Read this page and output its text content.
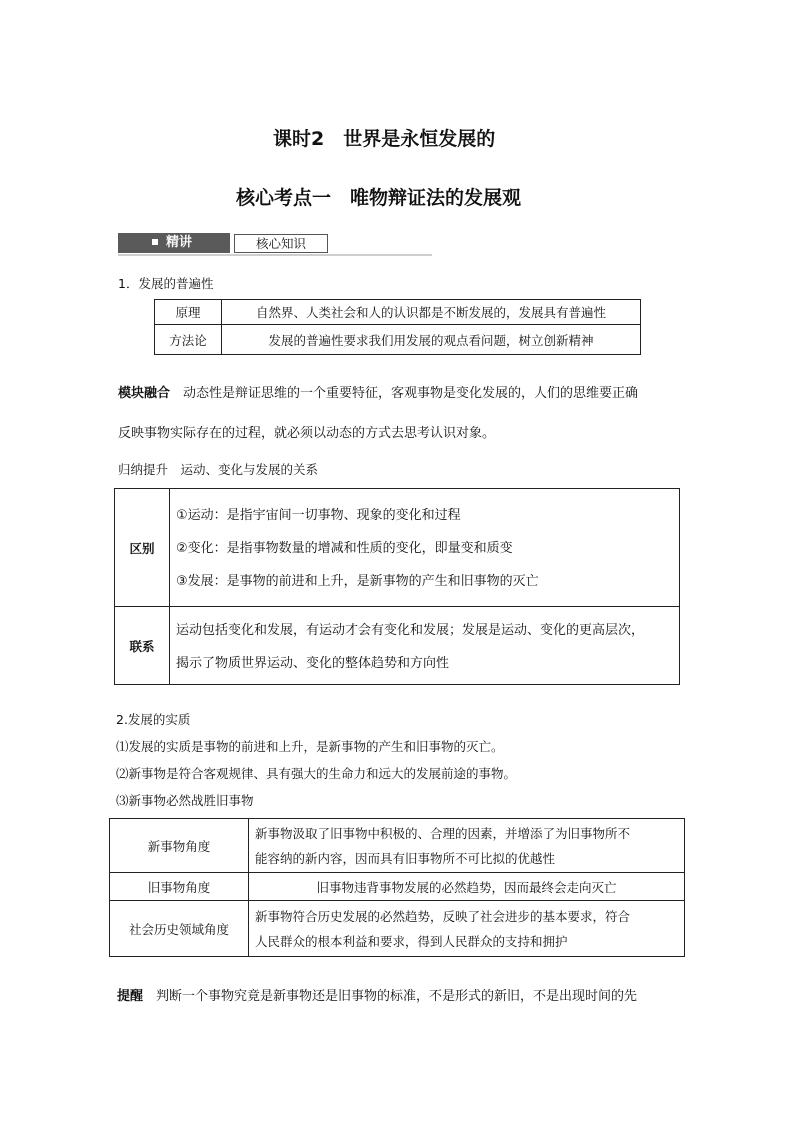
课时2　世界是永恒发展的
核心考点一　唯物辩证法的发展观
精讲	核心知识
1．发展的普遍性
原理	自然界、人类社会和人的认识都是不断发展的，发展具有普遍性
方法论	发展的普遍性要求我们用发展的观点看问题，树立创新精神
模块融合　 动态性是辩证思维的一个重要特征，客观事物是变化发展的，人们的思维要正确
反映事物实际存在的过程，就必须以动态的方式去思考认识对象。
归纳提升　 运动、变化与发展的关系
区别	①运动：是指宇宙间一切事物、现象的变化和过程
②变化：是指事物数量的增减和性质的变化，即量变和质变
③发展：是事物的前进和上升，是新事物的产生和旧事物的灭亡

联系	运动包括变化和发展，有运动才会有变化和发展；发展是运动、变化的更高层次，
揭示了物质世界运动、变化的整体趋势和方向性
2.发展的实质
⑴发展的实质是事物的前进和上升，是新事物的产生和旧事物的灭亡。
⑵新事物是符合客观规律、具有强大的生命力和远大的发展前途的事物。
⑶新事物必然战胜旧事物
新事物角度	新事物汲取了旧事物中积极的、合理的因素，并增添了为旧事物所不
能容纳的新内容，因而具有旧事物所不可比拟的优越性

旧事物角度	旧事物违背事物发展的必然趋势，因而最终会走向灭亡
社会历史领域角度	新事物符合历史发展的必然趋势，反映了社会进步的基本要求，符合
人民群众的根本利益和要求，得到人民群众的支持和拥护
提醒　 判断一个事物究竟是新事物还是旧事物的标准，不是形式的新旧，不是出现时间的先
